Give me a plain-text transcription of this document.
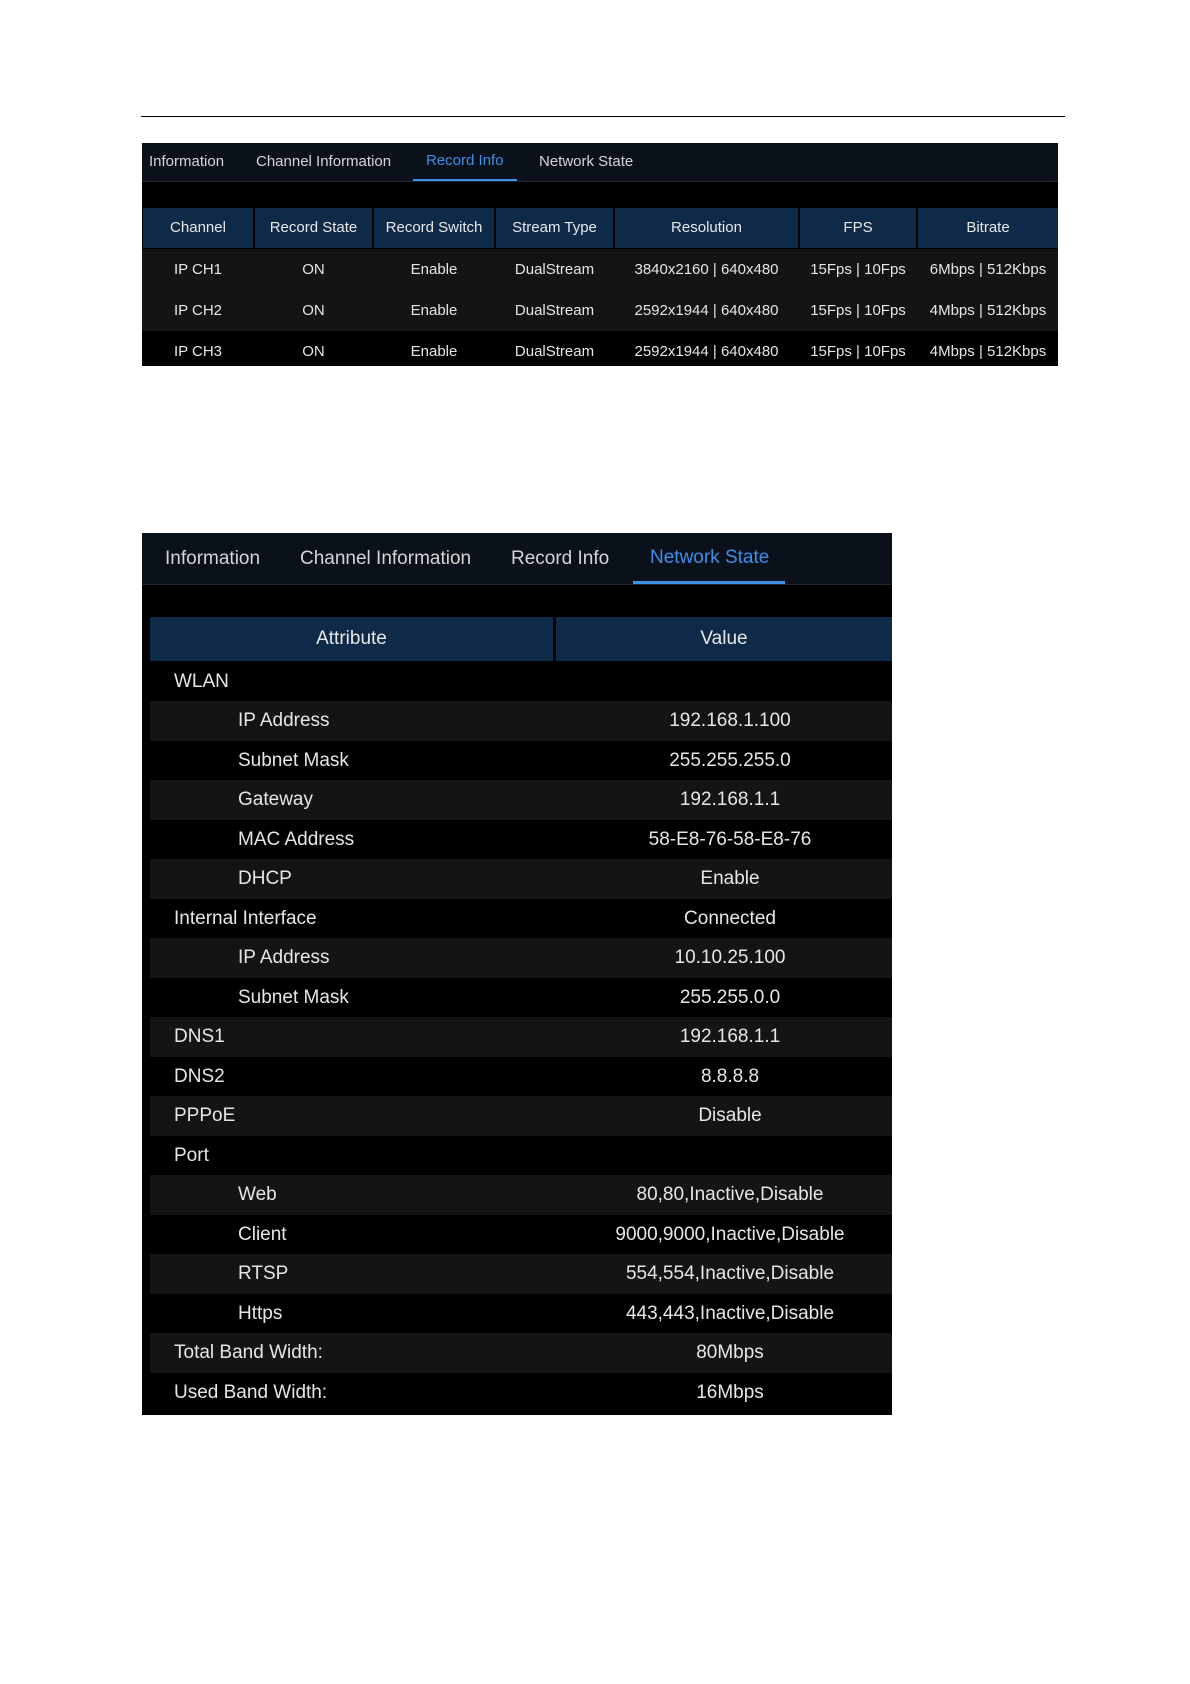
Information Channel Information Record Info Network State
Channel	Record State	Record Switch	Stream Type	Resolution	FPS	Bitrate
IP CH1	ON	Enable	DualStream	3840x2160 | 640x480	15Fps | 10Fps	6Mbps | 512Kbps
IP CH2	ON	Enable	DualStream	2592x1944 | 640x480	15Fps | 10Fps	4Mbps | 512Kbps
IP CH3	ON	Enable	DualStream	2592x1944 | 640x480	15Fps | 10Fps	4Mbps | 512Kbps
Information Channel Information Record Info Network State
Attribute	Value
WLAN
IP Address	192.168.1.100
Subnet Mask	255.255.255.0
Gateway	192.168.1.1
MAC Address	58-E8-76-58-E8-76
DHCP	Enable
Internal Interface	Connected
IP Address	10.10.25.100
Subnet Mask	255.255.0.0
DNS1	192.168.1.1
DNS2	8.8.8.8
PPPoE	Disable
Port
Web	80,80,Inactive,Disable
Client	9000,9000,Inactive,Disable
RTSP	554,554,Inactive,Disable
Https	443,443,Inactive,Disable
Total Band Width:	80Mbps
Used Band Width:	16Mbps
